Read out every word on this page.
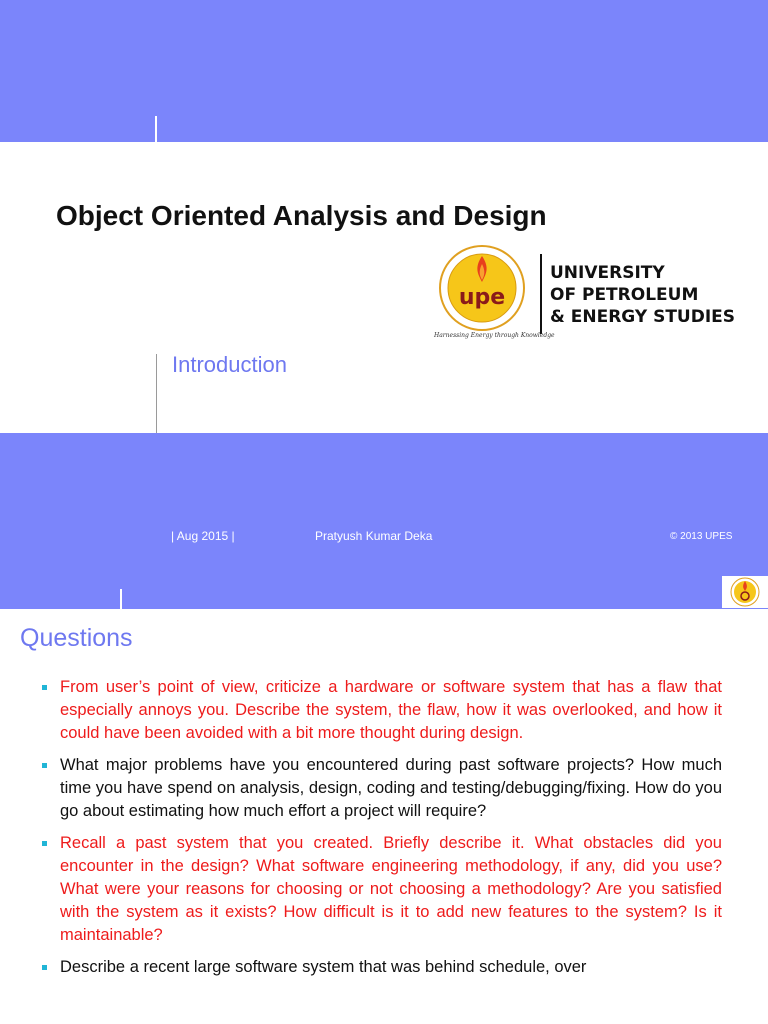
Object Oriented Analysis and Design
upe
UNIVERSITY
OF PETROLEUM
& ENERGY STUDIES
Harnessing Energy through Knowledge
Introduction
| Aug 2015 |	Pratyush Kumar Deka	© 2013 UPES
Questions
From user’s point of view, criticize a hardware or software system that has a flaw that especially annoys you. Describe the system, the flaw, how it was overlooked, and how it could have been avoided with a bit more thought during design.
What major problems have you encountered during past software projects? How much time you have spend on analysis, design, coding and testing/debugging/fixing. How do you go about estimating how much effort a project will require?
Recall a past system that you created. Briefly describe it. What obstacles did you encounter in the design? What software engineering methodology, if any, did you use? What were your reasons for choosing or not choosing a methodology? Are you satisfied with the system as it exists? How difficult is it to add new features to the system? Is it maintainable?
Describe a recent large software system that was behind schedule, over
